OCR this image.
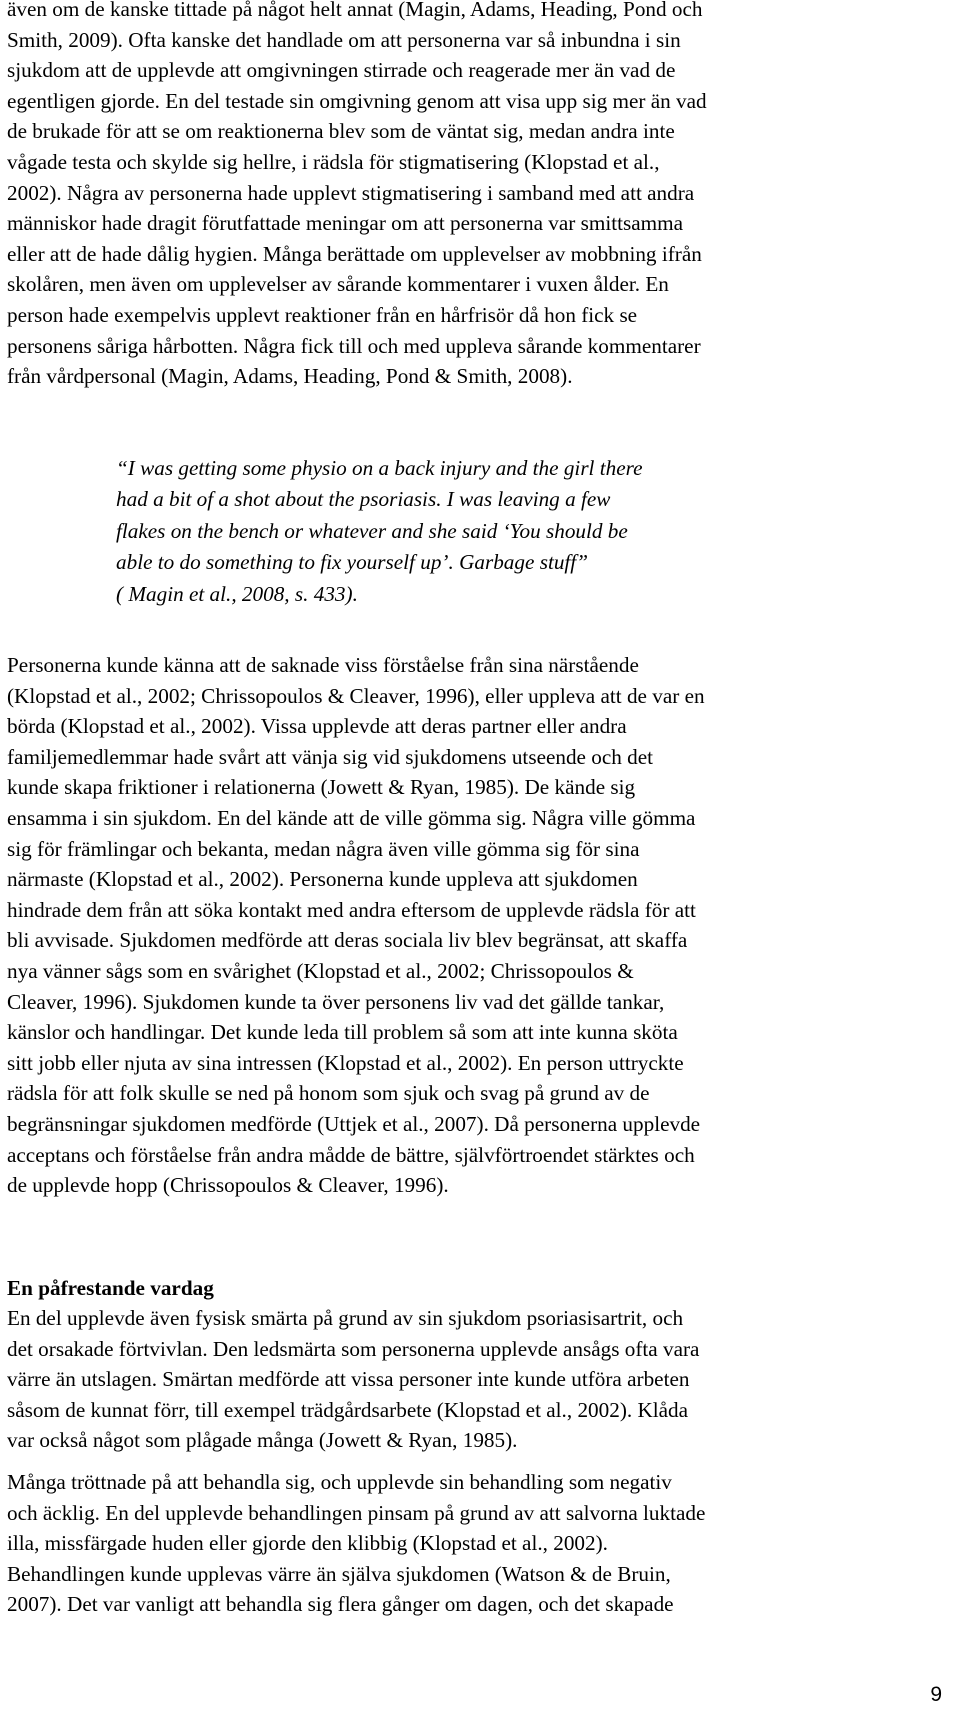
även om de kanske tittade på något helt annat (Magin, Adams, Heading, Pond och
Smith, 2009). Ofta kanske det handlade om att personerna var så inbundna i sin
sjukdom att de upplevde att omgivningen stirrade och reagerade mer än vad de
egentligen gjorde. En del testade sin omgivning genom att visa upp sig mer än vad
de brukade för att se om reaktionerna blev som de väntat sig, medan andra inte
vågade testa och skylde sig hellre, i rädsla för stigmatisering (Klopstad et al.,
2002). Några av personerna hade upplevt stigmatisering i samband med att andra
människor hade dragit förutfattade meningar om att personerna var smittsamma
eller att de hade dålig hygien. Många berättade om upplevelser av mobbning ifrån
skolåren, men även om upplevelser av sårande kommentarer i vuxen ålder. En
person hade exempelvis upplevt reaktioner från en hårfrisör då hon fick se
personens såriga hårbotten. Några fick till och med uppleva sårande kommentarer
från vårdpersonal (Magin, Adams, Heading, Pond & Smith, 2008).
“I was getting some physio on a back injury and the girl there
had a bit of a shot about the psoriasis. I was leaving a few
flakes on the bench or whatever and she said ‘You should be
able to do something to fix yourself up’. Garbage stuff”
( Magin et al., 2008, s. 433).
Personerna kunde känna att de saknade viss förståelse från sina närstående
(Klopstad et al., 2002; Chrissopoulos & Cleaver, 1996), eller uppleva att de var en
börda (Klopstad et al., 2002). Vissa upplevde att deras partner eller andra
familjemedlemmar hade svårt att vänja sig vid sjukdomens utseende och det
kunde skapa friktioner i relationerna (Jowett & Ryan, 1985). De kände sig
ensamma i sin sjukdom. En del kände att de ville gömma sig. Några ville gömma
sig för främlingar och bekanta, medan några även ville gömma sig för sina
närmaste (Klopstad et al., 2002). Personerna kunde uppleva att sjukdomen
hindrade dem från att söka kontakt med andra eftersom de upplevde rädsla för att
bli avvisade. Sjukdomen medförde att deras sociala liv blev begränsat, att skaffa
nya vänner sågs som en svårighet (Klopstad et al., 2002; Chrissopoulos &
Cleaver, 1996). Sjukdomen kunde ta över personens liv vad det gällde tankar,
känslor och handlingar. Det kunde leda till problem så som att inte kunna sköta
sitt jobb eller njuta av sina intressen (Klopstad et al., 2002). En person uttryckte
rädsla för att folk skulle se ned på honom som sjuk och svag på grund av de
begränsningar sjukdomen medförde (Uttjek et al., 2007). Då personerna upplevde
acceptans och förståelse från andra mådde de bättre, självförtroendet stärktes och
de upplevde hopp (Chrissopoulos & Cleaver, 1996).
En påfrestande vardag
En del upplevde även fysisk smärta på grund av sin sjukdom psoriasisartrit, och
det orsakade förtvivlan. Den ledsmärta som personerna upplevde ansågs ofta vara
värre än utslagen. Smärtan medförde att vissa personer inte kunde utföra arbeten
såsom de kunnat förr, till exempel trädgårdsarbete (Klopstad et al., 2002). Klåda
var också något som plågade många (Jowett & Ryan, 1985).
Många tröttnade på att behandla sig, och upplevde sin behandling som negativ
och äcklig. En del upplevde behandlingen pinsam på grund av att salvorna luktade
illa, missfärgade huden eller gjorde den klibbig (Klopstad et al., 2002).
Behandlingen kunde upplevas värre än själva sjukdomen (Watson & de Bruin,
2007). Det var vanligt att behandla sig flera gånger om dagen, och det skapade
9
